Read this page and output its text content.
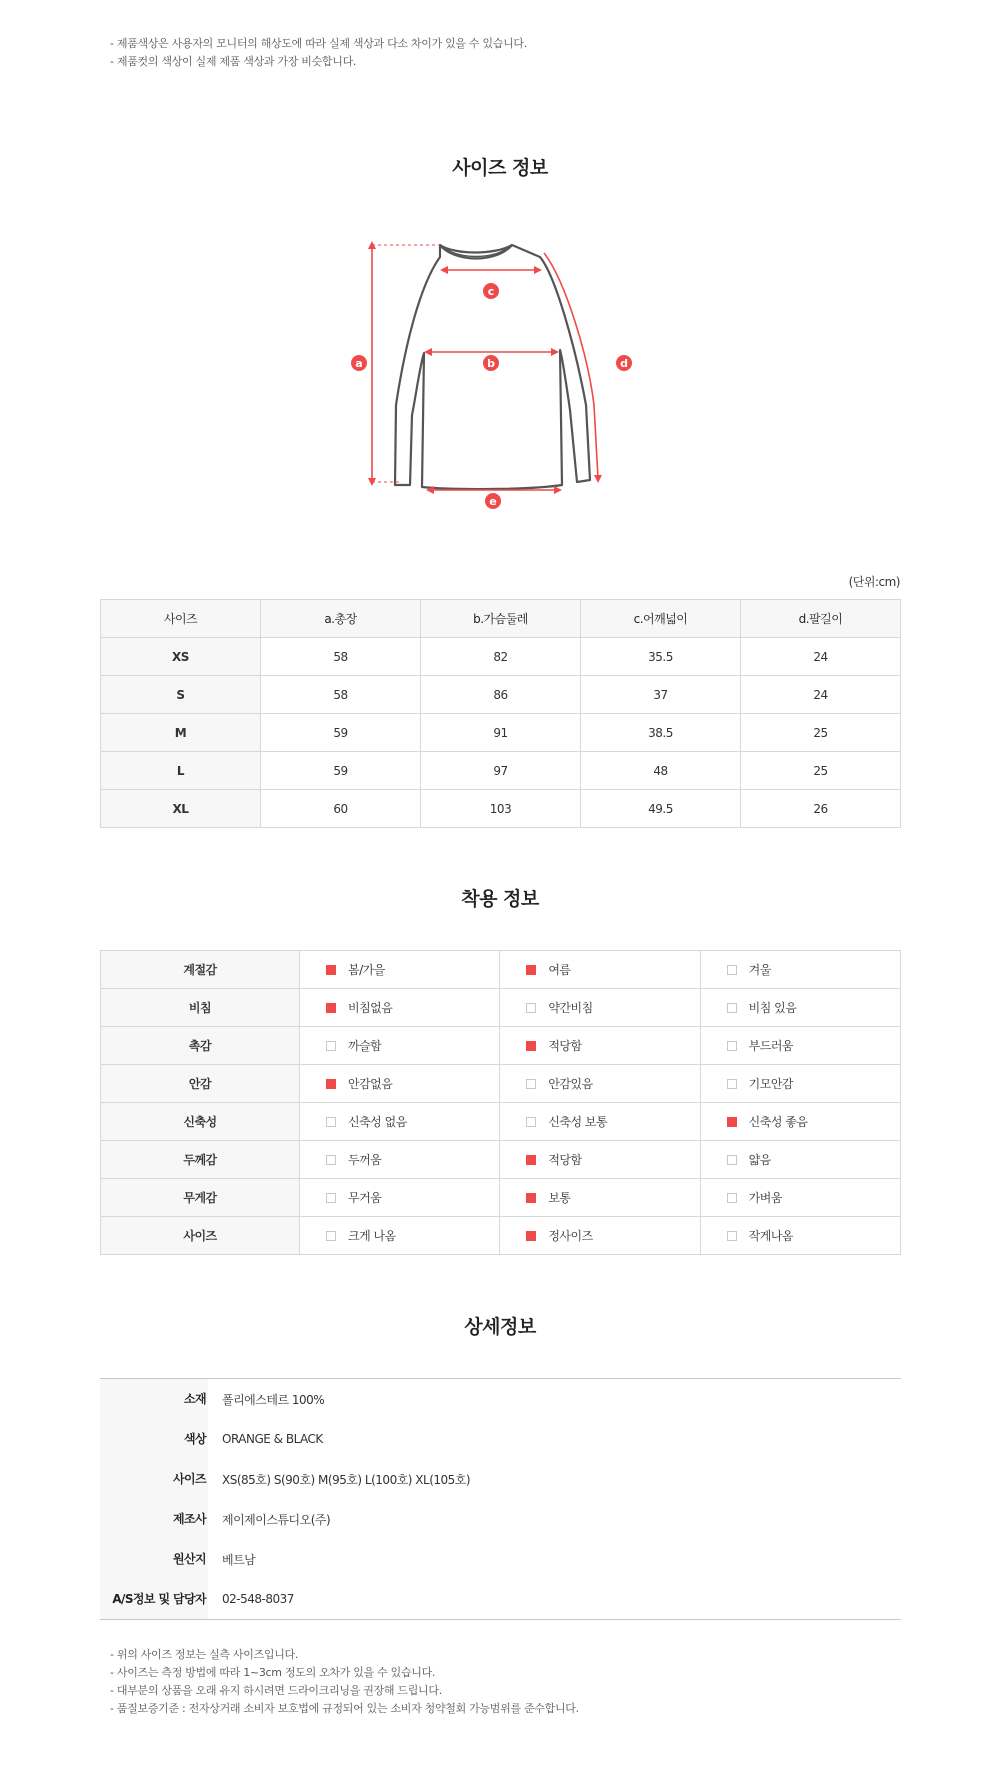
- 제품색상은 사용자의 모니터의 해상도에 따라 실제 색상과 다소 차이가 있을 수 있습니다.
- 제품컷의 색상이 실제 제품 색상과 가장 비슷합니다.
사이즈 정보
a	b
c
d
e
(단위:cm)
사이즈	a.총장	b.가슴둘레	c.어깨넓이	d.팔길이
XS	58	82	35.5	24
S	58	86	37	24
M	59	91	38.5	25
L	59	97	48	25
XL	60	103	49.5	26
착용 정보
계절감	봄/가을	여름	겨울
비침	비침없음	약간비침	비침 있음
촉감	까슬함	적당함	부드러움
안감	안감없음	안감있음	기모안감
신축성	신축성 없음	신축성 보통	신축성 좋음
두께감	두꺼움	적당함	얇음
무게감	무거움	보통	가벼움
사이즈	크게 나옴	정사이즈	작게나옴
상세정보
소재	폴리에스테르 100%
색상	ORANGE & BLACK
사이즈	XS(85호) S(90호) M(95호) L(100호) XL(105호)
제조사	제이제이스튜디오(주)
원산지	베트남
A/S정보 및 담당자	02-548-8037
- 위의 사이즈 정보는 실측 사이즈입니다.
- 사이즈는 측정 방법에 따라 1~3cm 정도의 오차가 있을 수 있습니다.
- 대부분의 상품을 오래 유지 하시려면 드라이크리닝을 권장해 드립니다.
- 품질보증기준 : 전자상거래 소비자 보호법에 규정되어 있는 소비자 청약철회 가능범위를 준수합니다.
